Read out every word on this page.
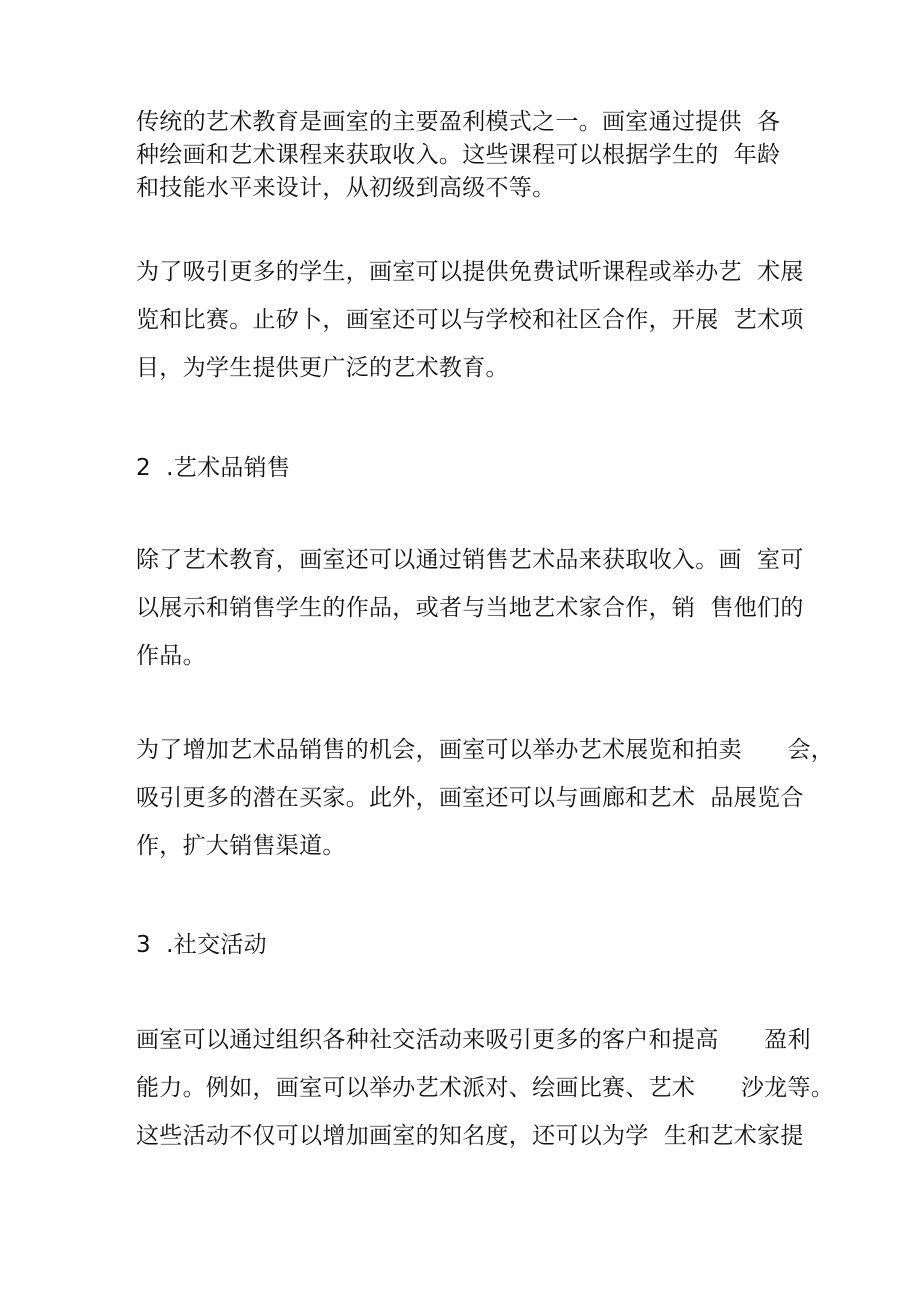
传统的艺术教育是画室的主要盈利模式之一。画室通过提供  各
种绘画和艺术课程来获取收入。这些课程可以根据学生的  年龄
和技能水平来设计，从初级到高级不等。
为了吸引更多的学生，画室可以提供免费试听课程或举办艺  术展
览和比赛。止矽卜，画室还可以与学校和社区合作，开展  艺术项
目，为学生提供更广泛的艺术教育。
2  .艺术品销售
除了艺术教育，画室还可以通过销售艺术品来获取收入。画  室可
以展示和销售学生的作品，或者与当地艺术家合作，销  售他们的
作品。
为了增加艺术品销售的机会，画室可以举办艺术展览和拍卖      会，
吸引更多的潜在买家。此外，画室还可以与画廊和艺术  品展览合
作，扩大销售渠道。
3  .社交活动
画室可以通过组织各种社交活动来吸引更多的客户和提高      盈利
能力。例如，画室可以举办艺术派对、绘画比赛、艺术      沙龙等。
这些活动不仅可以增加画室的知名度，还可以为学  生和艺术家提
